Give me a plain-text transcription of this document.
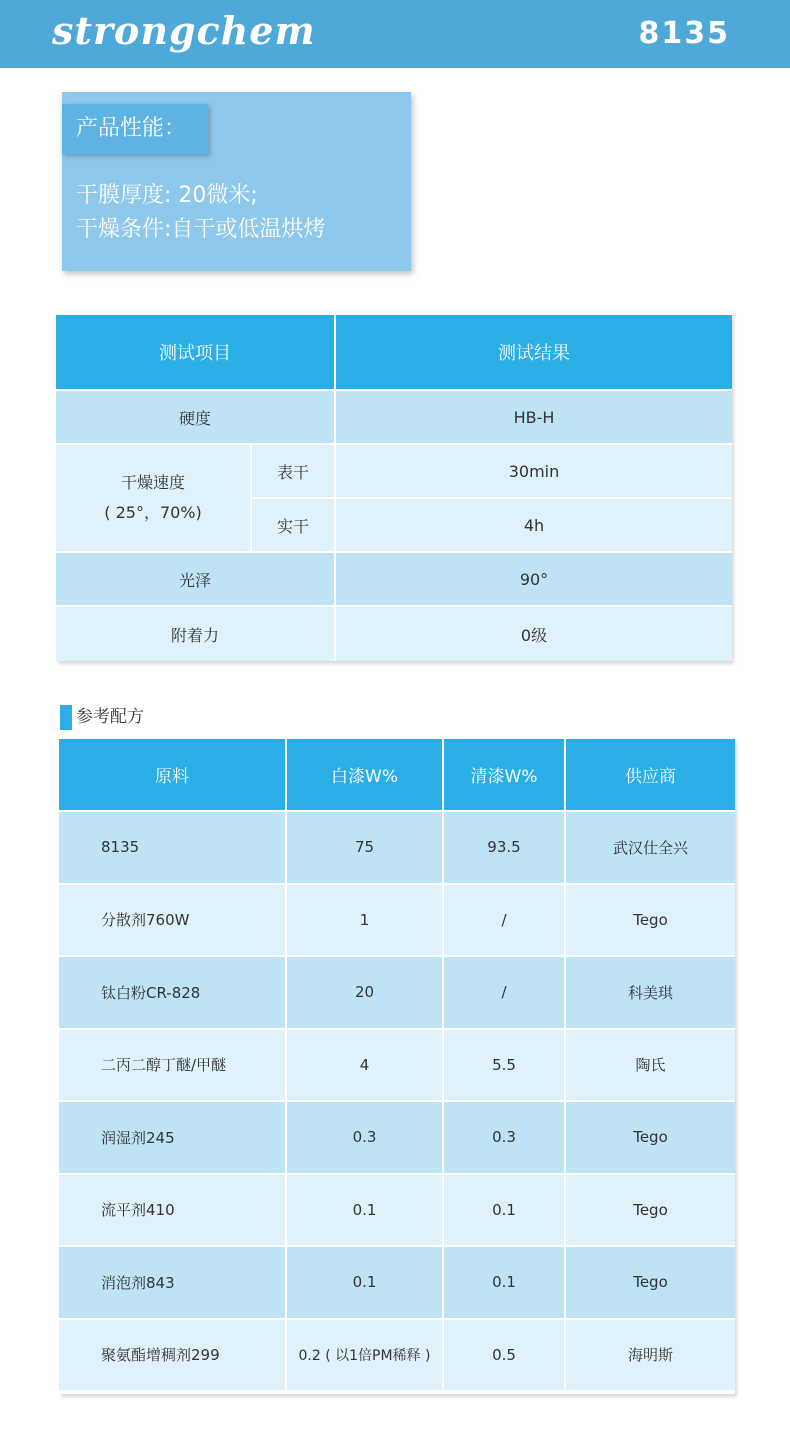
strongchem	8135
产品性能：
干膜厚度: 20微米;
干燥条件:自干或低温烘烤
测试项目	测试结果
硬度	HB-H
干燥速度
( 25°，70%)
表干	30min
实干	4h
光泽	90°
附着力	0级
参考配方
原料	白漆W%	清漆W%	供应商
8135	75	93.5	武汉仕全兴
分散剂760W	1	/	Tego
钛白粉CR-828	20	/	科美琪
二丙二醇丁醚/甲醚	4	5.5	陶氏
润湿剂245	0.3	0.3	Tego
流平剂410	0.1	0.1	Tego
消泡剂843	0.1	0.1	Tego
聚氨酯增稠剂299	0.2 ( 以1倍PM稀释 )	0.5	海明斯
